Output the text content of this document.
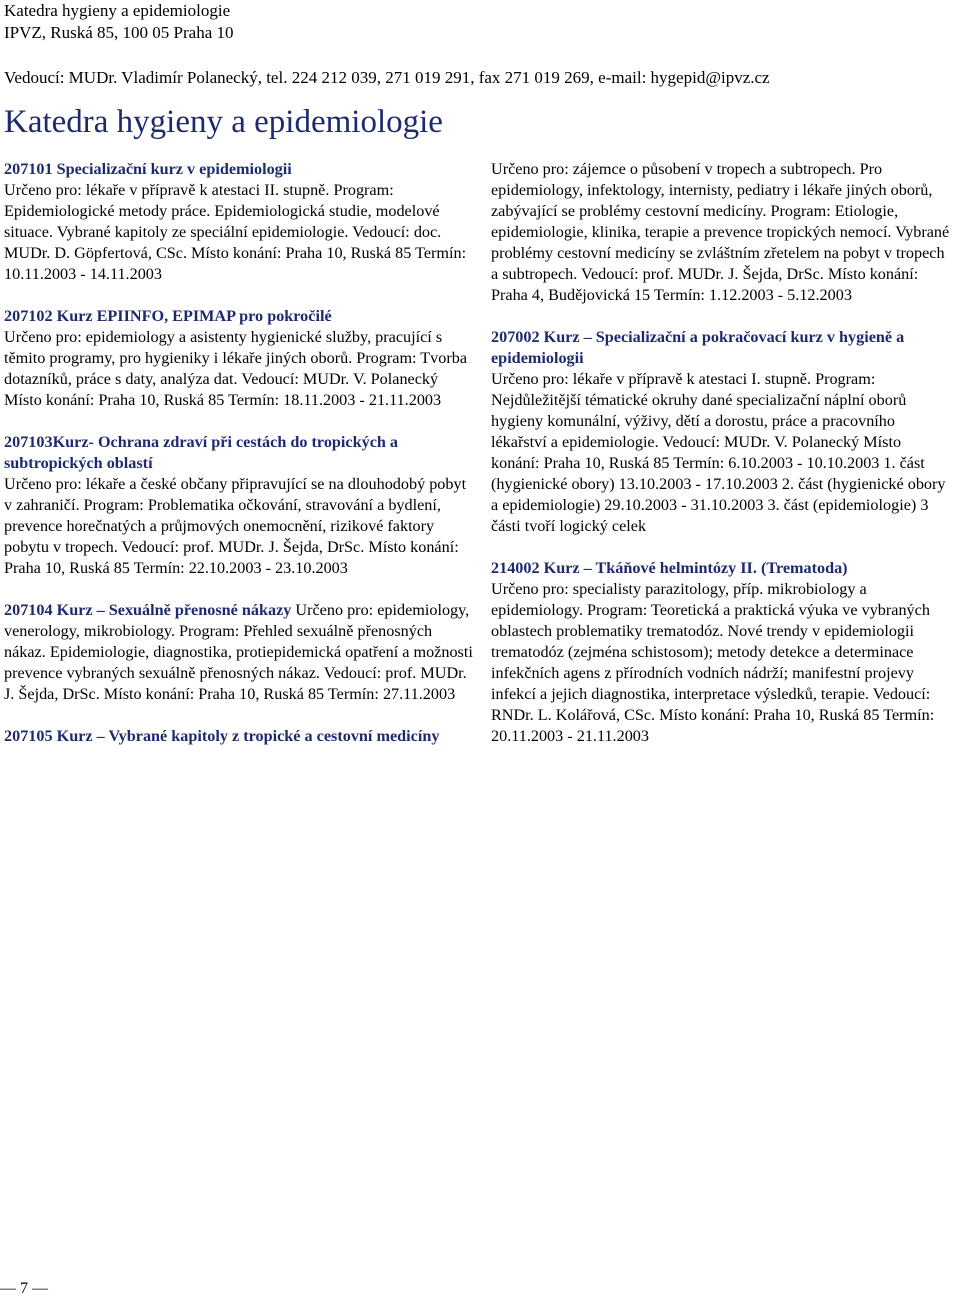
Katedra hygieny a epidemiologie
IPVZ, Ruská 85, 100 05 Praha 10
Vedoucí: MUDr. Vladimír Polanecký, tel. 224 212 039, 271 019 291, fax 271 019 269, e-mail: hygepid@ipvz.cz
Katedra hygieny a epidemiologie
207101 Specializační kurz v epidemiologii
Určeno pro: lékaře v přípravě k atestaci II. stupně. Program: Epidemiologické metody práce. Epidemiologická studie, modelové situace. Vybrané kapitoly ze speciální epidemiologie. Vedoucí: doc. MUDr. D. Göpfertová, CSc. Místo konání: Praha 10, Ruská 85 Termín: 10.11.2003 - 14.11.2003
207102 Kurz EPIINFO, EPIMAP pro pokročilé
Určeno pro: epidemiology a asistenty hygienické služby, pracující s těmito programy, pro hygieniky i lékaře jiných oborů. Program: Tvorba dotazníků, práce s daty, analýza dat. Vedoucí: MUDr. V. Polanecký Místo konání: Praha 10, Ruská 85 Termín: 18.11.2003 - 21.11.2003
207103Kurz- Ochrana zdraví při cestách do tropických a subtropických oblastí
Určeno pro: lékaře a české občany připravující se na dlouhodobý pobyt v zahraničí. Program: Problematika očkování, stravování a bydlení, prevence horečnatých a průjmových onemocnění, rizikové faktory pobytu v tropech. Vedoucí: prof. MUDr. J. Šejda, DrSc. Místo konání: Praha 10, Ruská 85 Termín: 22.10.2003 - 23.10.2003
207104 Kurz – Sexuálně přenosné nákazy Určeno pro: epidemiology, venerology, mikrobiology. Program: Přehled sexuálně přenosných nákaz. Epidemiologie, diagnostika, protiepidemická opatření a možnosti prevence vybraných sexuálně přenosných nákaz. Vedoucí: prof. MUDr. J. Šejda, DrSc. Místo konání: Praha 10, Ruská 85 Termín: 27.11.2003
207105 Kurz – Vybrané kapitoly z tropické a cestovní medicíny
Určeno pro: zájemce o působení v tropech a subtropech. Pro epidemiology, infektology, internisty, pediatry i lékaře jiných oborů, zabývající se problémy cestovní medicíny. Program: Etiologie, epidemiologie, klinika, terapie a prevence tropických nemocí. Vybrané problémy cestovní medicíny se zvláštním zřetelem na pobyt v tropech a subtropech. Vedoucí: prof. MUDr. J. Šejda, DrSc. Místo konání: Praha 4, Budějovická 15 Termín: 1.12.2003 - 5.12.2003
207002 Kurz – Specializační a pokračovací kurz v hygieně a epidemiologii
Určeno pro: lékaře v přípravě k atestaci I. stupně. Program: Nejdůležitější tématické okruhy dané specializační náplní oborů hygieny komunální, výživy, dětí a dorostu, práce a pracovního lékařství a epidemiologie. Vedoucí: MUDr. V. Polanecký Místo konání: Praha 10, Ruská 85 Termín: 6.10.2003 - 10.10.2003 1. část (hygienické obory) 13.10.2003 - 17.10.2003 2. část (hygienické obory a epidemiologie) 29.10.2003 - 31.10.2003 3. část (epidemiologie) 3 části tvoří logický celek
214002 Kurz – Tkáňové helmintózy II. (Trematoda)
Určeno pro: specialisty parazitology, příp. mikrobiology a epidemiology. Program: Teoretická a praktická výuka ve vybraných oblastech problematiky trematodóz. Nové trendy v epidemiologii trematodóz (zejména schistosom); metody detekce a determinace infekčních agens z přírodních vodních nádrží; manifestní projevy infekcí a jejich diagnostika, interpretace výsledků, terapie. Vedoucí: RNDr. L. Kolářová, CSc. Místo konání: Praha 10, Ruská 85 Termín: 20.11.2003 - 21.11.2003
— 7 —
